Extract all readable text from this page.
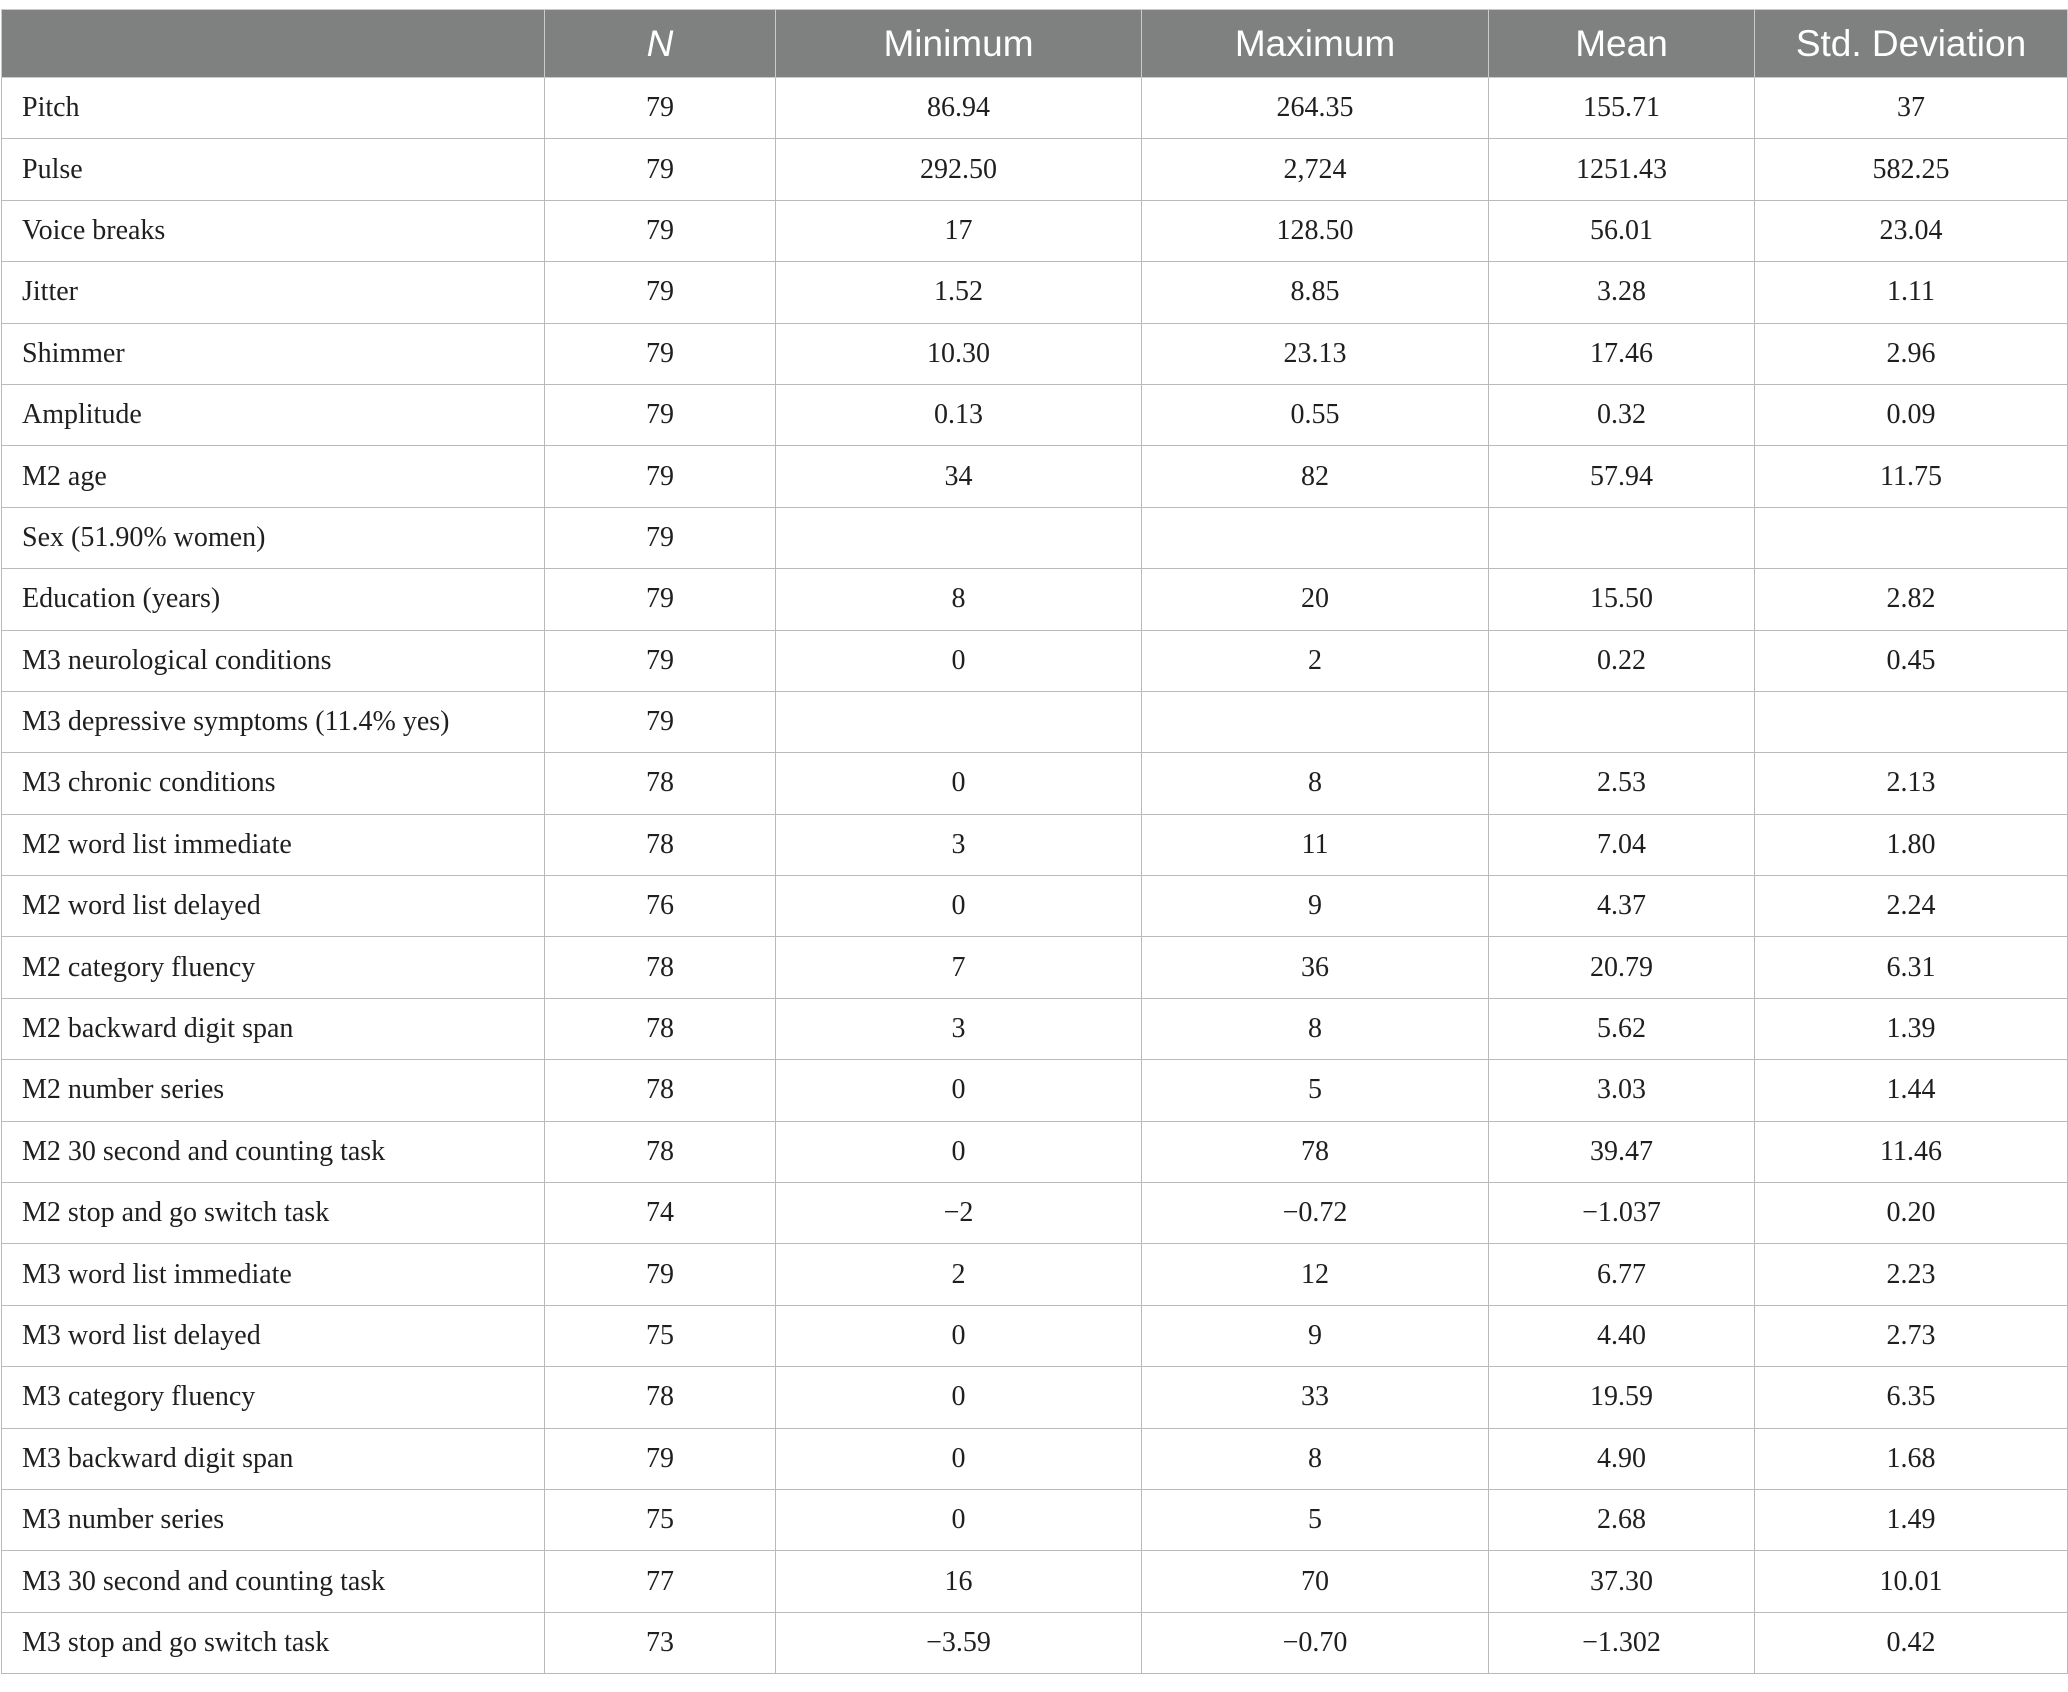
	N	Minimum	Maximum	Mean	Std. Deviation
Pitch	79	86.94	264.35	155.71	37
Pulse	79	292.50	2,724	1251.43	582.25
Voice breaks	79	17	128.50	56.01	23.04
Jitter	79	1.52	8.85	3.28	1.11
Shimmer	79	10.30	23.13	17.46	2.96
Amplitude	79	0.13	0.55	0.32	0.09
M2 age	79	34	82	57.94	11.75
Sex (51.90% women)	79				
Education (years)	79	8	20	15.50	2.82
M3 neurological conditions	79	0	2	0.22	0.45
M3 depressive symptoms (11.4% yes)	79				
M3 chronic conditions	78	0	8	2.53	2.13
M2 word list immediate	78	3	11	7.04	1.80
M2 word list delayed	76	0	9	4.37	2.24
M2 category fluency	78	7	36	20.79	6.31
M2 backward digit span	78	3	8	5.62	1.39
M2 number series	78	0	5	3.03	1.44
M2 30 second and counting task	78	0	78	39.47	11.46
M2 stop and go switch task	74	−2	−0.72	−1.037	0.20
M3 word list immediate	79	2	12	6.77	2.23
M3 word list delayed	75	0	9	4.40	2.73
M3 category fluency	78	0	33	19.59	6.35
M3 backward digit span	79	0	8	4.90	1.68
M3 number series	75	0	5	2.68	1.49
M3 30 second and counting task	77	16	70	37.30	10.01
M3 stop and go switch task	73	−3.59	−0.70	−1.302	0.42
